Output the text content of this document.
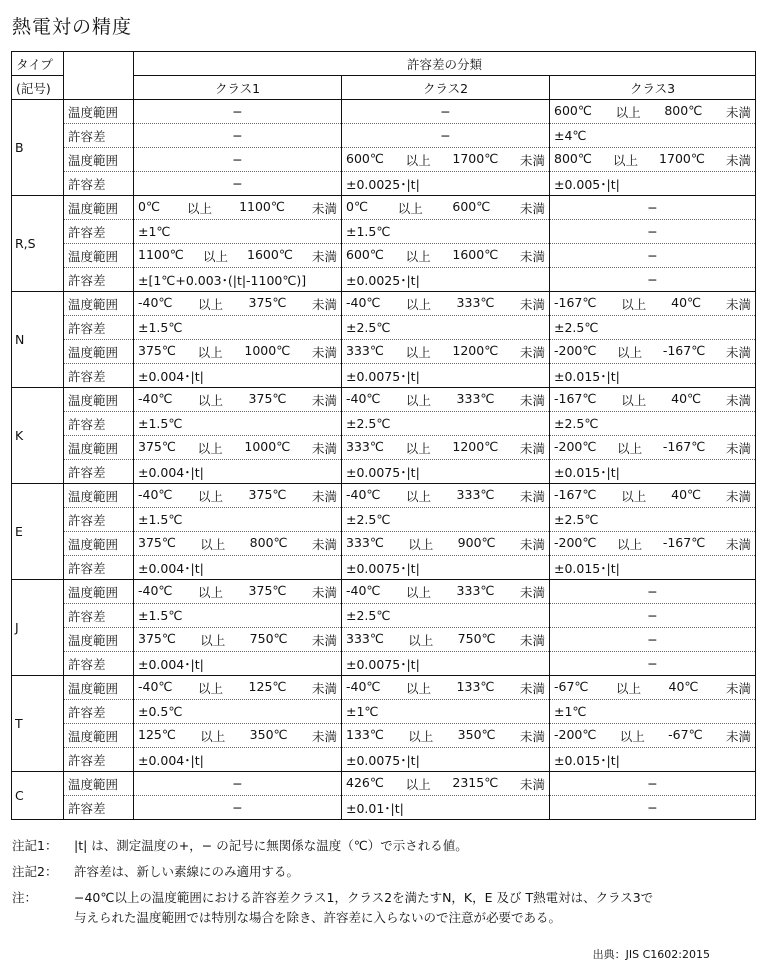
熱電対の精度
タイプ		許容差の分類		
(記号)		クラス1	クラス2	クラス3
B	温度範囲	−	−	600℃ 以上 800℃ 未満

	許容差	−	−	±4℃
	温度範囲	−	600℃ 以上 1700℃ 未満	800℃ 以上 1700℃ 未満

	許容差	−	±0.0025･|t|	±0.005･|t|
R,S	温度範囲	0℃ 以上 1100℃ 未満	0℃ 以上 600℃ 未満	−
	許容差	±1℃	±1.5℃	−
	温度範囲	1100℃ 以上 1600℃ 未満	600℃ 以上 1600℃ 未満	−
	許容差	±[1℃+0.003･(|t|-1100℃)]	±0.0025･|t|	−
N	温度範囲	-40℃ 以上 375℃ 未満	-40℃ 以上 333℃ 未満	-167℃ 以上 40℃ 未満

	許容差	±1.5℃	±2.5℃	±2.5℃
	温度範囲	375℃ 以上 1000℃ 未満	333℃ 以上 1200℃ 未満	-200℃ 以上 -167℃ 未満

	許容差	±0.004･|t|	±0.0075･|t|	±0.015･|t|
K	温度範囲	-40℃ 以上 375℃ 未満	-40℃ 以上 333℃ 未満	-167℃ 以上 40℃ 未満

	許容差	±1.5℃	±2.5℃	±2.5℃
	温度範囲	375℃ 以上 1000℃ 未満	333℃ 以上 1200℃ 未満	-200℃ 以上 -167℃ 未満

	許容差	±0.004･|t|	±0.0075･|t|	±0.015･|t|
E	温度範囲	-40℃ 以上 375℃ 未満	-40℃ 以上 333℃ 未満	-167℃ 以上 40℃ 未満

	許容差	±1.5℃	±2.5℃	±2.5℃
	温度範囲	375℃ 以上 800℃ 未満	333℃ 以上 900℃ 未満	-200℃ 以上 -167℃ 未満

	許容差	±0.004･|t|	±0.0075･|t|	±0.015･|t|
J	温度範囲	-40℃ 以上 375℃ 未満	-40℃ 以上 333℃ 未満	−
	許容差	±1.5℃	±2.5℃	−
	温度範囲	375℃ 以上 750℃ 未満	333℃ 以上 750℃ 未満	−
	許容差	±0.004･|t|	±0.0075･|t|	−
T	温度範囲	-40℃ 以上 125℃ 未満	-40℃ 以上 133℃ 未満	-67℃ 以上 40℃ 未満

	許容差	±0.5℃	±1℃	±1℃
	温度範囲	125℃ 以上 350℃ 未満	133℃ 以上 350℃ 未満	-200℃ 以上 -67℃ 未満

	許容差	±0.004･|t|	±0.0075･|t|	±0.015･|t|
C	温度範囲	−	426℃ 以上 2315℃ 未満	−
	許容差	−	±0.01･|t|	−
注記1：	|t| は、測定温度の+，− の記号に無関係な温度（℃）で示される値。
注記2：	許容差は、新しい素線にのみ適用する。
注：	−40℃以上の温度範囲における許容差クラス1，クラス2を満たすN，K，E 及び T熱電対は、クラス3で
与えられた温度範囲では特別な場合を除き、許容差に入らないので注意が必要である。
出典：JIS C1602:2015
